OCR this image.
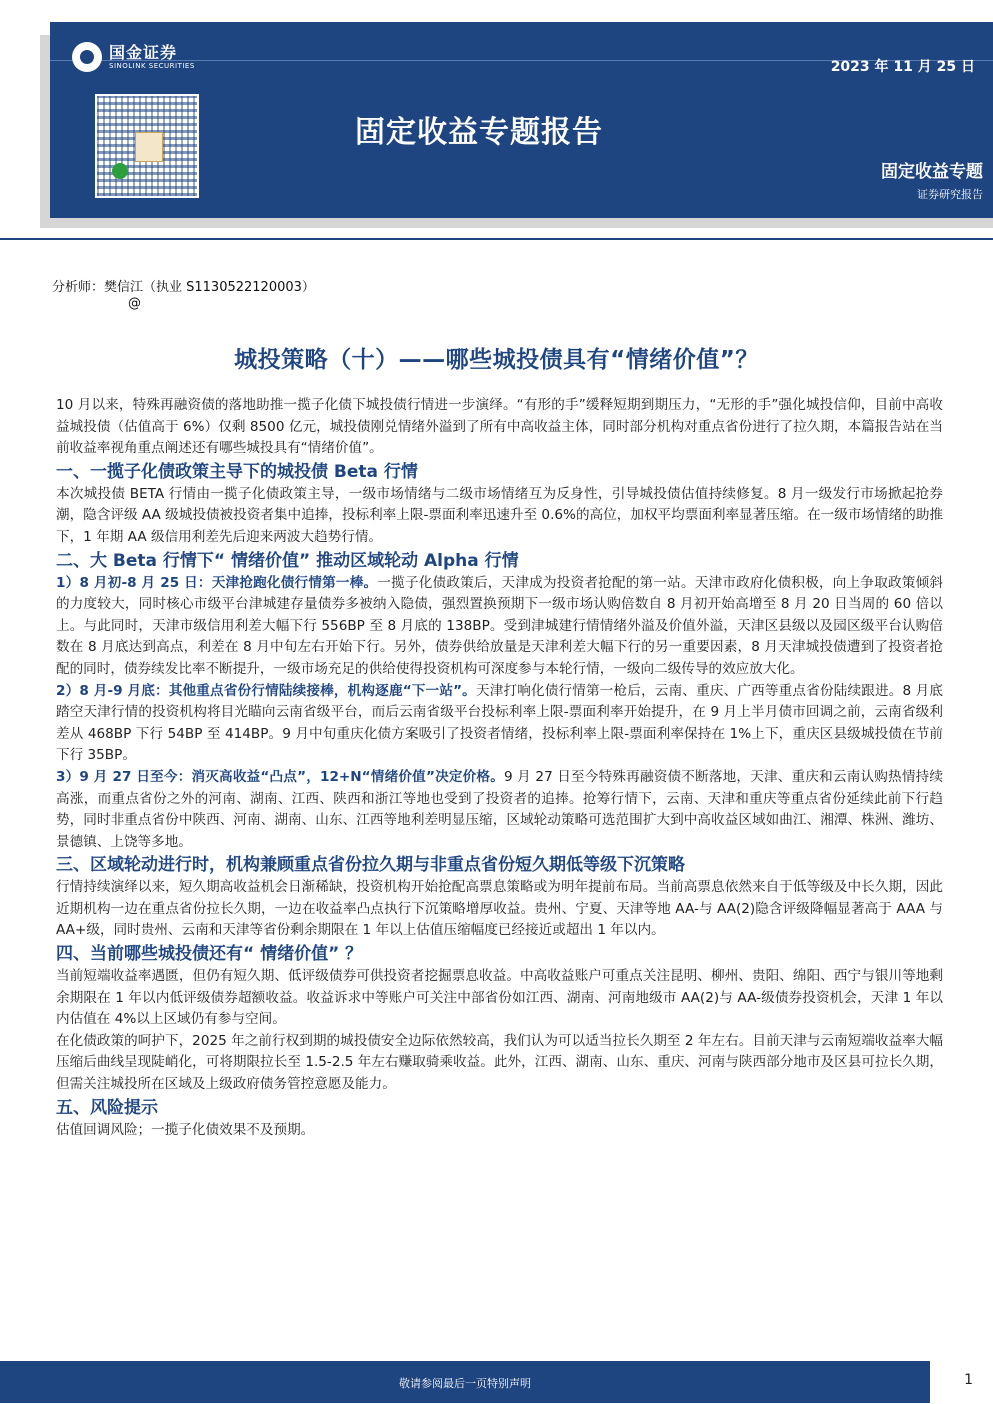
国金证券
SINOLINK SECURITIES	2023 年 11 月 25 日
固定收益专题报告
固定收益专题
证券研究报告
分析师：樊信江（执业 S1130522120003）
@
城投策略（十）——哪些城投债具有“情绪价值”？

10 月以来，特殊再融资债的落地助推一揽子化债下城投债行情进一步演绎。“有形的手”缓释短期到期压力，“无形的手”强化城投信仰，目前中高收益城投债（估值高于 6%）仅剩 8500 亿元，城投债刚兑情绪外溢到了所有中高收益主体，同时部分机构对重点省份进行了拉久期，本篇报告站在当前收益率视角重点阐述还有哪些城投具有“情绪价值”。

一、一揽子化债政策主导下的城投债 Beta 行情

本次城投债 BETA 行情由一揽子化债政策主导，一级市场情绪与二级市场情绪互为反身性，引导城投债估值持续修复。8 月一级发行市场掀起抢券潮，隐含评级 AA 级城投债被投资者集中追捧，投标利率上限-票面利率迅速升至 0.6%的高位，加权平均票面利率显著压缩。在一级市场情绪的助推下，1 年期 AA 级信用利差先后迎来两波大趋势行情。

二、大 Beta 行情下“ 情绪价值” 推动区域轮动 Alpha 行情

1）8 月初-8 月 25 日：天津抢跑化债行情第一棒。一揽子化债政策后，天津成为投资者抢配的第一站。天津市政府化债积极，向上争取政策倾斜的力度较大，同时核心市级平台津城建存量债券多被纳入隐债，强烈置换预期下一级市场认购倍数自 8 月初开始高增至 8 月 20 日当周的 60 倍以上。与此同时，天津市级信用利差大幅下行 556BP 至 8 月底的 138BP。受到津城建行情情绪外溢及价值外溢，天津区县级以及园区级平台认购倍数在 8 月底达到高点，利差在 8 月中旬左右开始下行。另外，债券供给放量是天津利差大幅下行的另一重要因素，8 月天津城投债遭到了投资者抢配的同时，债券续发比率不断提升，一级市场充足的供给使得投资机构可深度参与本轮行情，一级向二级传导的效应放大化。

2）8 月-9 月底：其他重点省份行情陆续接棒，机构逐鹿“下一站”。天津打响化债行情第一枪后，云南、重庆、广西等重点省份陆续跟进。8 月底踏空天津行情的投资机构将目光瞄向云南省级平台，而后云南省级平台投标利率上限-票面利率开始提升，在 9 月上半月债市回调之前，云南省级利差从 468BP 下行 54BP 至 414BP。9 月中旬重庆化债方案吸引了投资者情绪，投标利率上限-票面利率保持在 1%上下，重庆区县级城投债在节前下行 35BP。

3）9 月 27 日至今：消灭高收益“凸点”，12+N“情绪价值”决定价格。9 月 27 日至今特殊再融资债不断落地，天津、重庆和云南认购热情持续高涨，而重点省份之外的河南、湖南、江西、陕西和浙江等地也受到了投资者的追捧。抢筹行情下，云南、天津和重庆等重点省份延续此前下行趋势，同时非重点省份中陕西、河南、湖南、山东、江西等地利差明显压缩，区域轮动策略可选范围扩大到中高收益区域如曲江、湘潭、株洲、潍坊、景德镇、上饶等多地。

三、区域轮动进行时，机构兼顾重点省份拉久期与非重点省份短久期低等级下沉策略

行情持续演绎以来，短久期高收益机会日渐稀缺，投资机构开始抢配高票息策略或为明年提前布局。当前高票息依然来自于低等级及中长久期，因此近期机构一边在重点省份拉长久期，一边在收益率凸点执行下沉策略增厚收益。贵州、宁夏、天津等地 AA-与 AA(2)隐含评级降幅显著高于 AAA 与 AA+级，同时贵州、云南和天津等省份剩余期限在 1 年以上估值压缩幅度已经接近或超出 1 年以内。

四、当前哪些城投债还有“ 情绪价值” ？

当前短端收益率遇匮，但仍有短久期、低评级债券可供投资者挖掘票息收益。中高收益账户可重点关注昆明、柳州、贵阳、绵阳、西宁与银川等地剩余期限在 1 年以内低评级债券超额收益。收益诉求中等账户可关注中部省份如江西、湖南、河南地级市 AA(2)与 AA-级债券投资机会，天津 1 年以内估值在 4%以上区域仍有参与空间。

在化债政策的呵护下，2025 年之前行权到期的城投债安全边际依然较高，我们认为可以适当拉长久期至 2 年左右。目前天津与云南短端收益率大幅压缩后曲线呈现陡峭化，可将期限拉长至 1.5-2.5 年左右赚取骑乘收益。此外，江西、湖南、山东、重庆、河南与陕西部分地市及区县可拉长久期，但需关注城投所在区域及上级政府债务管控意愿及能力。

五、风险提示

估值回调风险；一揽子化债效果不及预期。

敬请参阅最后一页特别声明	1
